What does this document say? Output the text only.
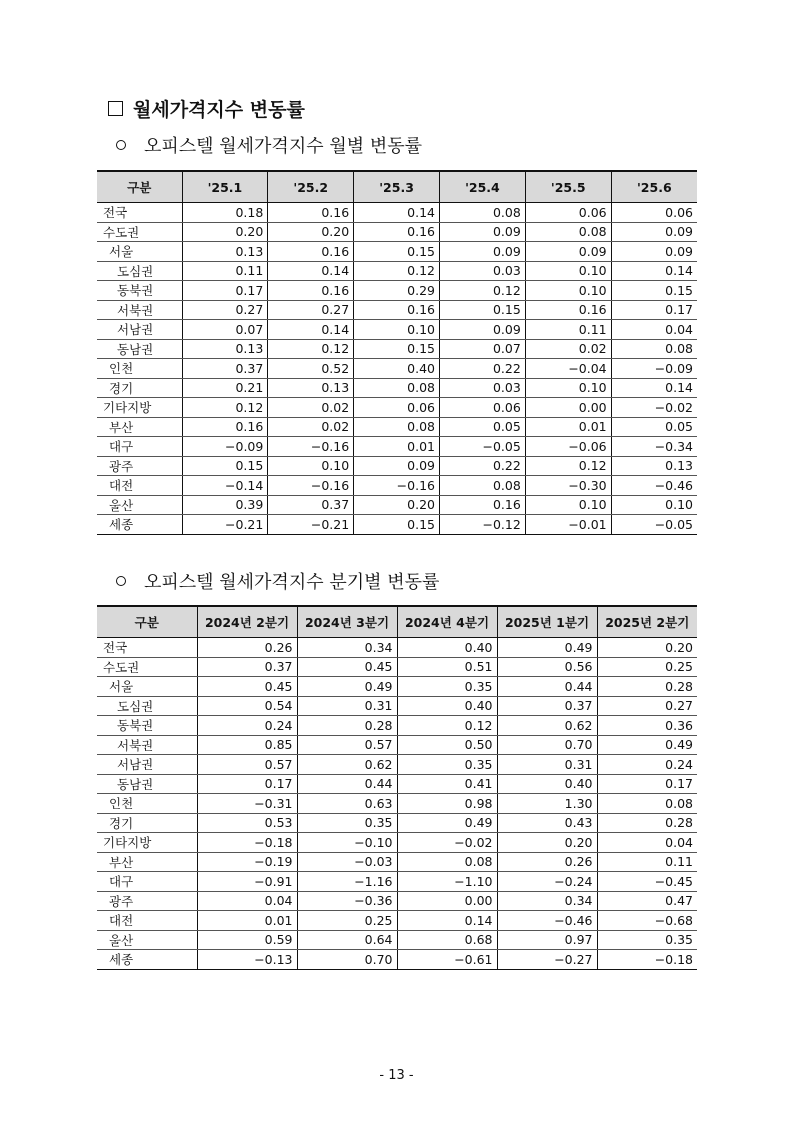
월세가격지수 변동률
오피스텔 월세가격지수 월별 변동률
구분	'25.1	'25.2	'25.3	'25.4	'25.5	'25.6
전국	0.18	0.16	0.14	0.08	0.06	0.06
수도권	0.20	0.20	0.16	0.09	0.08	0.09
서울	0.13	0.16	0.15	0.09	0.09	0.09
도심권	0.11	0.14	0.12	0.03	0.10	0.14
동북권	0.17	0.16	0.29	0.12	0.10	0.15
서북권	0.27	0.27	0.16	0.15	0.16	0.17
서남권	0.07	0.14	0.10	0.09	0.11	0.04
동남권	0.13	0.12	0.15	0.07	0.02	0.08
인천	0.37	0.52	0.40	0.22	−0.04	−0.09
경기	0.21	0.13	0.08	0.03	0.10	0.14
기타지방	0.12	0.02	0.06	0.06	0.00	−0.02
부산	0.16	0.02	0.08	0.05	0.01	0.05
대구	−0.09	−0.16	0.01	−0.05	−0.06	−0.34
광주	0.15	0.10	0.09	0.22	0.12	0.13
대전	−0.14	−0.16	−0.16	0.08	−0.30	−0.46
울산	0.39	0.37	0.20	0.16	0.10	0.10
세종	−0.21	−0.21	0.15	−0.12	−0.01	−0.05
오피스텔 월세가격지수 분기별 변동률
구분	2024년 2분기	2024년 3분기	2024년 4분기	2025년 1분기	2025년 2분기
전국	0.26	0.34	0.40	0.49	0.20
수도권	0.37	0.45	0.51	0.56	0.25
서울	0.45	0.49	0.35	0.44	0.28
도심권	0.54	0.31	0.40	0.37	0.27
동북권	0.24	0.28	0.12	0.62	0.36
서북권	0.85	0.57	0.50	0.70	0.49
서남권	0.57	0.62	0.35	0.31	0.24
동남권	0.17	0.44	0.41	0.40	0.17
인천	−0.31	0.63	0.98	1.30	0.08
경기	0.53	0.35	0.49	0.43	0.28
기타지방	−0.18	−0.10	−0.02	0.20	0.04
부산	−0.19	−0.03	0.08	0.26	0.11
대구	−0.91	−1.16	−1.10	−0.24	−0.45
광주	0.04	−0.36	0.00	0.34	0.47
대전	0.01	0.25	0.14	−0.46	−0.68
울산	0.59	0.64	0.68	0.97	0.35
세종	−0.13	0.70	−0.61	−0.27	−0.18
- 13 -
